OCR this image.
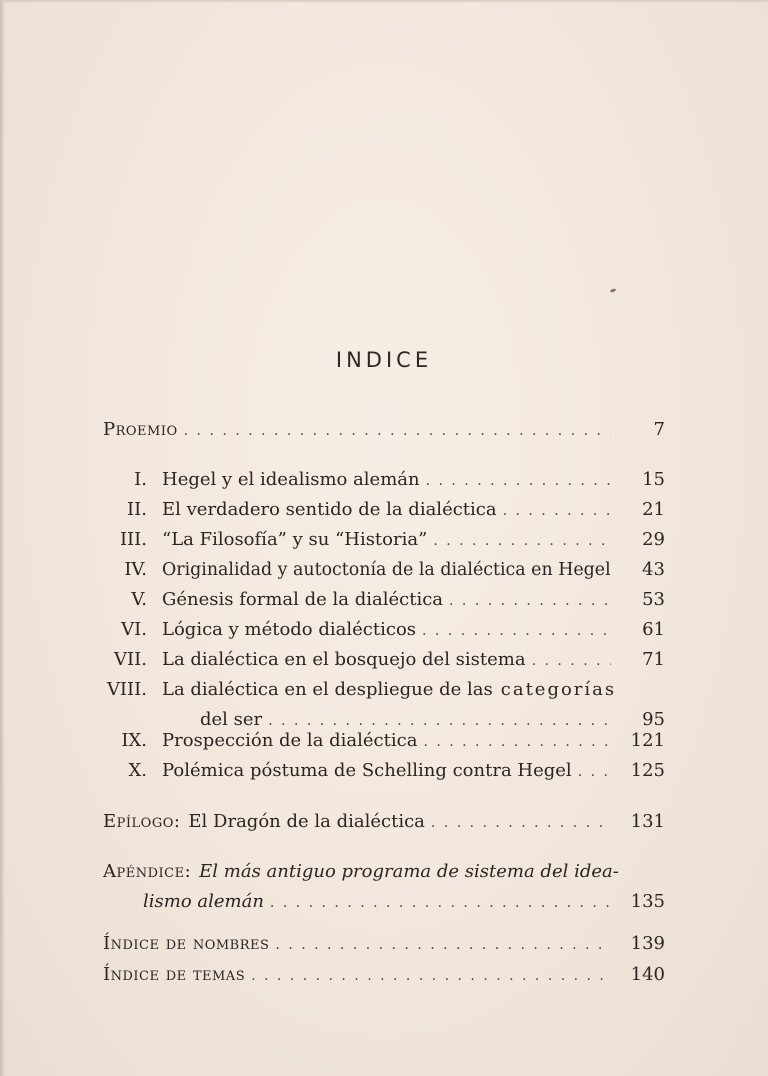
INDICE
Proemio . . .	7
I. Hegel y el idealismo alemán . . .	15
II. El verdadero sentido de la dialéctica . . .	21
III. “La Filosofía” y su “Historia” . . .	29
IV. Originalidad y autoctonía de la dialéctica en Hegel	43
V. Génesis formal de la dialéctica . . .	53
VI. Lógica y método dialécticos . . .	61
VII. La dialéctica en el bosquejo del sistema . . .	71
VIII. La dialéctica en el despliegue de las categorías
del ser . . .	95
IX. Prospección de la dialéctica . . .	121
X. Polémica póstuma de Schelling contra Hegel . . .	125
Epílogo: El Dragón de la dialéctica . . .	131
Apéndice: El más antiguo programa de sistema del idea-
lismo alemán . . .	135
Índice de nombres . . .	139
Índice de temas . . .	140
